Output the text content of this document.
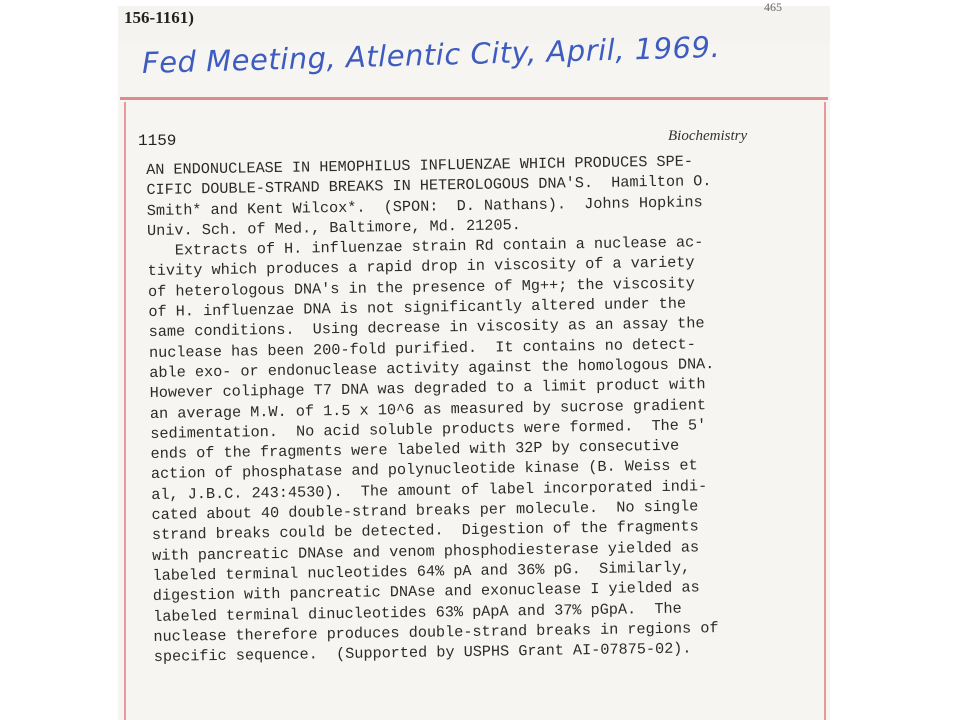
156-1161)
465
Fed Meeting, Atlentic City, April, 1969.
1159	Biochemistry
AN ENDONUCLEASE IN HEMOPHILUS INFLUENZAE WHICH PRODUCES SPE-
CIFIC DOUBLE-STRAND BREAKS IN HETEROLOGOUS DNA'S.  Hamilton O.
Smith* and Kent Wilcox*.  (SPON:  D. Nathans).  Johns Hopkins
Univ. Sch. of Med., Baltimore, Md. 21205.
Extracts of H. influenzae strain Rd contain a nuclease ac-
tivity which produces a rapid drop in viscosity of a variety
of heterologous DNA's in the presence of Mg++; the viscosity
of H. influenzae DNA is not significantly altered under the
same conditions.  Using decrease in viscosity as an assay the
nuclease has been 200-fold purified.  It contains no detect-
able exo- or endonuclease activity against the homologous DNA.
However coliphage T7 DNA was degraded to a limit product with
an average M.W. of 1.5 x 10^6 as measured by sucrose gradient
sedimentation.  No acid soluble products were formed.  The 5'
ends of the fragments were labeled with 32P by consecutive
action of phosphatase and polynucleotide kinase (B. Weiss et
al, J.B.C. 243:4530).  The amount of label incorporated indi-
cated about 40 double-strand breaks per molecule.  No single
strand breaks could be detected.  Digestion of the fragments
with pancreatic DNAse and venom phosphodiesterase yielded as
labeled terminal nucleotides 64% pA and 36% pG.  Similarly,
digestion with pancreatic DNAse and exonuclease I yielded as
labeled terminal dinucleotides 63% pApA and 37% pGpA.  The
nuclease therefore produces double-strand breaks in regions of
specific sequence.  (Supported by USPHS Grant AI-07875-02).
